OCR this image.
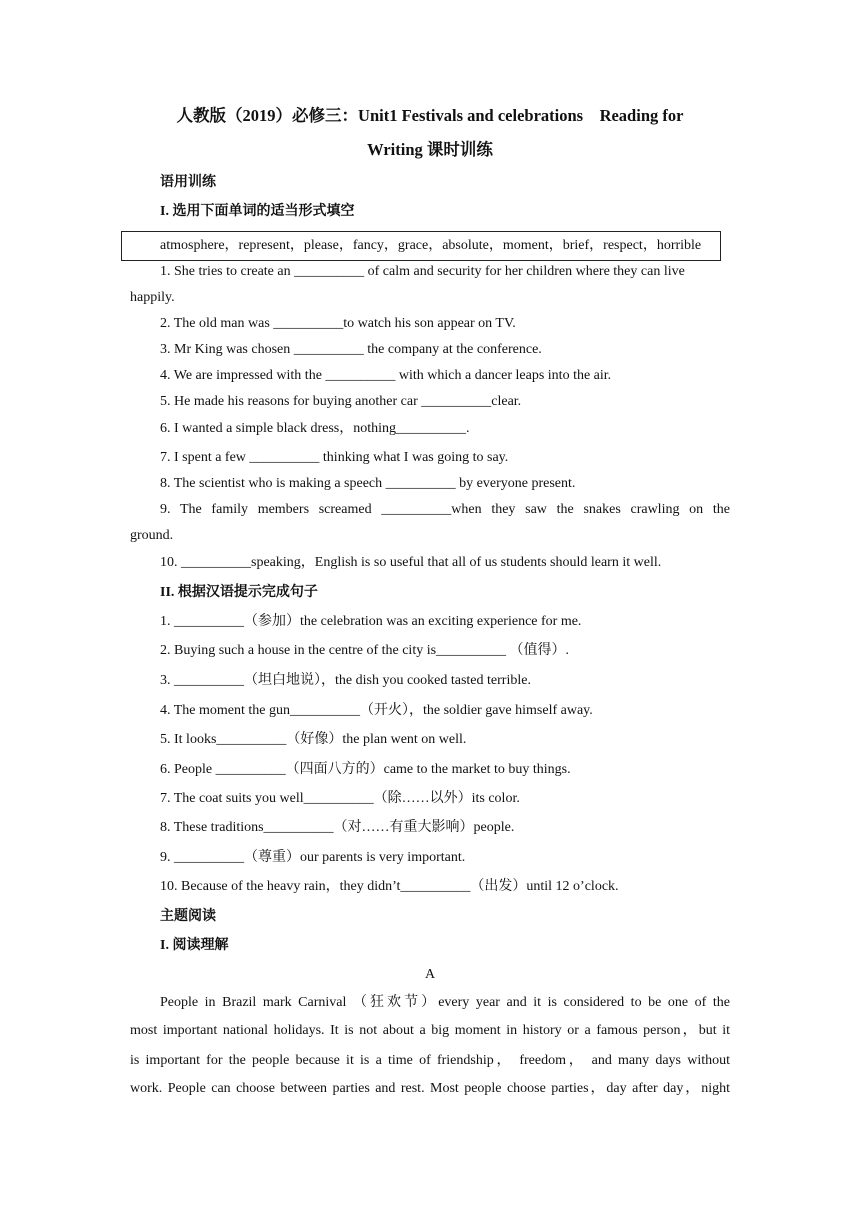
人教版（2019）必修三：Unit1 Festivals and celebrations　Reading for
Writing 课时训练
语用训练
I. 选用下面单词的适当形式填空
atmosphere，represent，please，fancy，grace，absolute，moment，brief，respect，horrible
1. She tries to create an __________ of calm and security for her children where they can live
happily.
2. The old man was __________to watch his son appear on TV.
3. Mr King was chosen __________ the company at the conference.
4. We are impressed with the __________ with which a dancer leaps into the air.
5. He made his reasons for buying another car __________clear.
6. I wanted a simple black dress，nothing__________.
7. I spent a few __________ thinking what I was going to say.
8. The scientist who is making a speech __________ by everyone present.
9. The family members screamed __________when they saw the snakes crawling on the
ground.
10. __________speaking，English is so useful that all of us students should learn it well.
II. 根据汉语提示完成句子
1. __________（参加）the celebration was an exciting experience for me.
2. Buying such a house in the centre of the city is__________ （值得）.
3. __________（坦白地说），the dish you cooked tasted terrible.
4. The moment the gun__________（开火），the soldier gave himself away.
5. It looks__________（好像）the plan went on well.
6. People __________（四面八方的）came to the market to buy things.
7. The coat suits you well__________（除……以外）its color.
8. These traditions__________（对……有重大影响）people.
9. __________（尊重）our parents is very important.
10. Because of the heavy rain，they didn’t__________（出发）until 12 o’clock.
主题阅读
I. 阅读理解
A
People in Brazil mark Carnival （狂欢节）every year and it is considered to be one of the
most important national holidays. It is not about a big moment in history or a famous person，but it
is important for the people because it is a time of friendship， freedom， and many days without
work. People can choose between parties and rest. Most people choose parties，day after day，night
